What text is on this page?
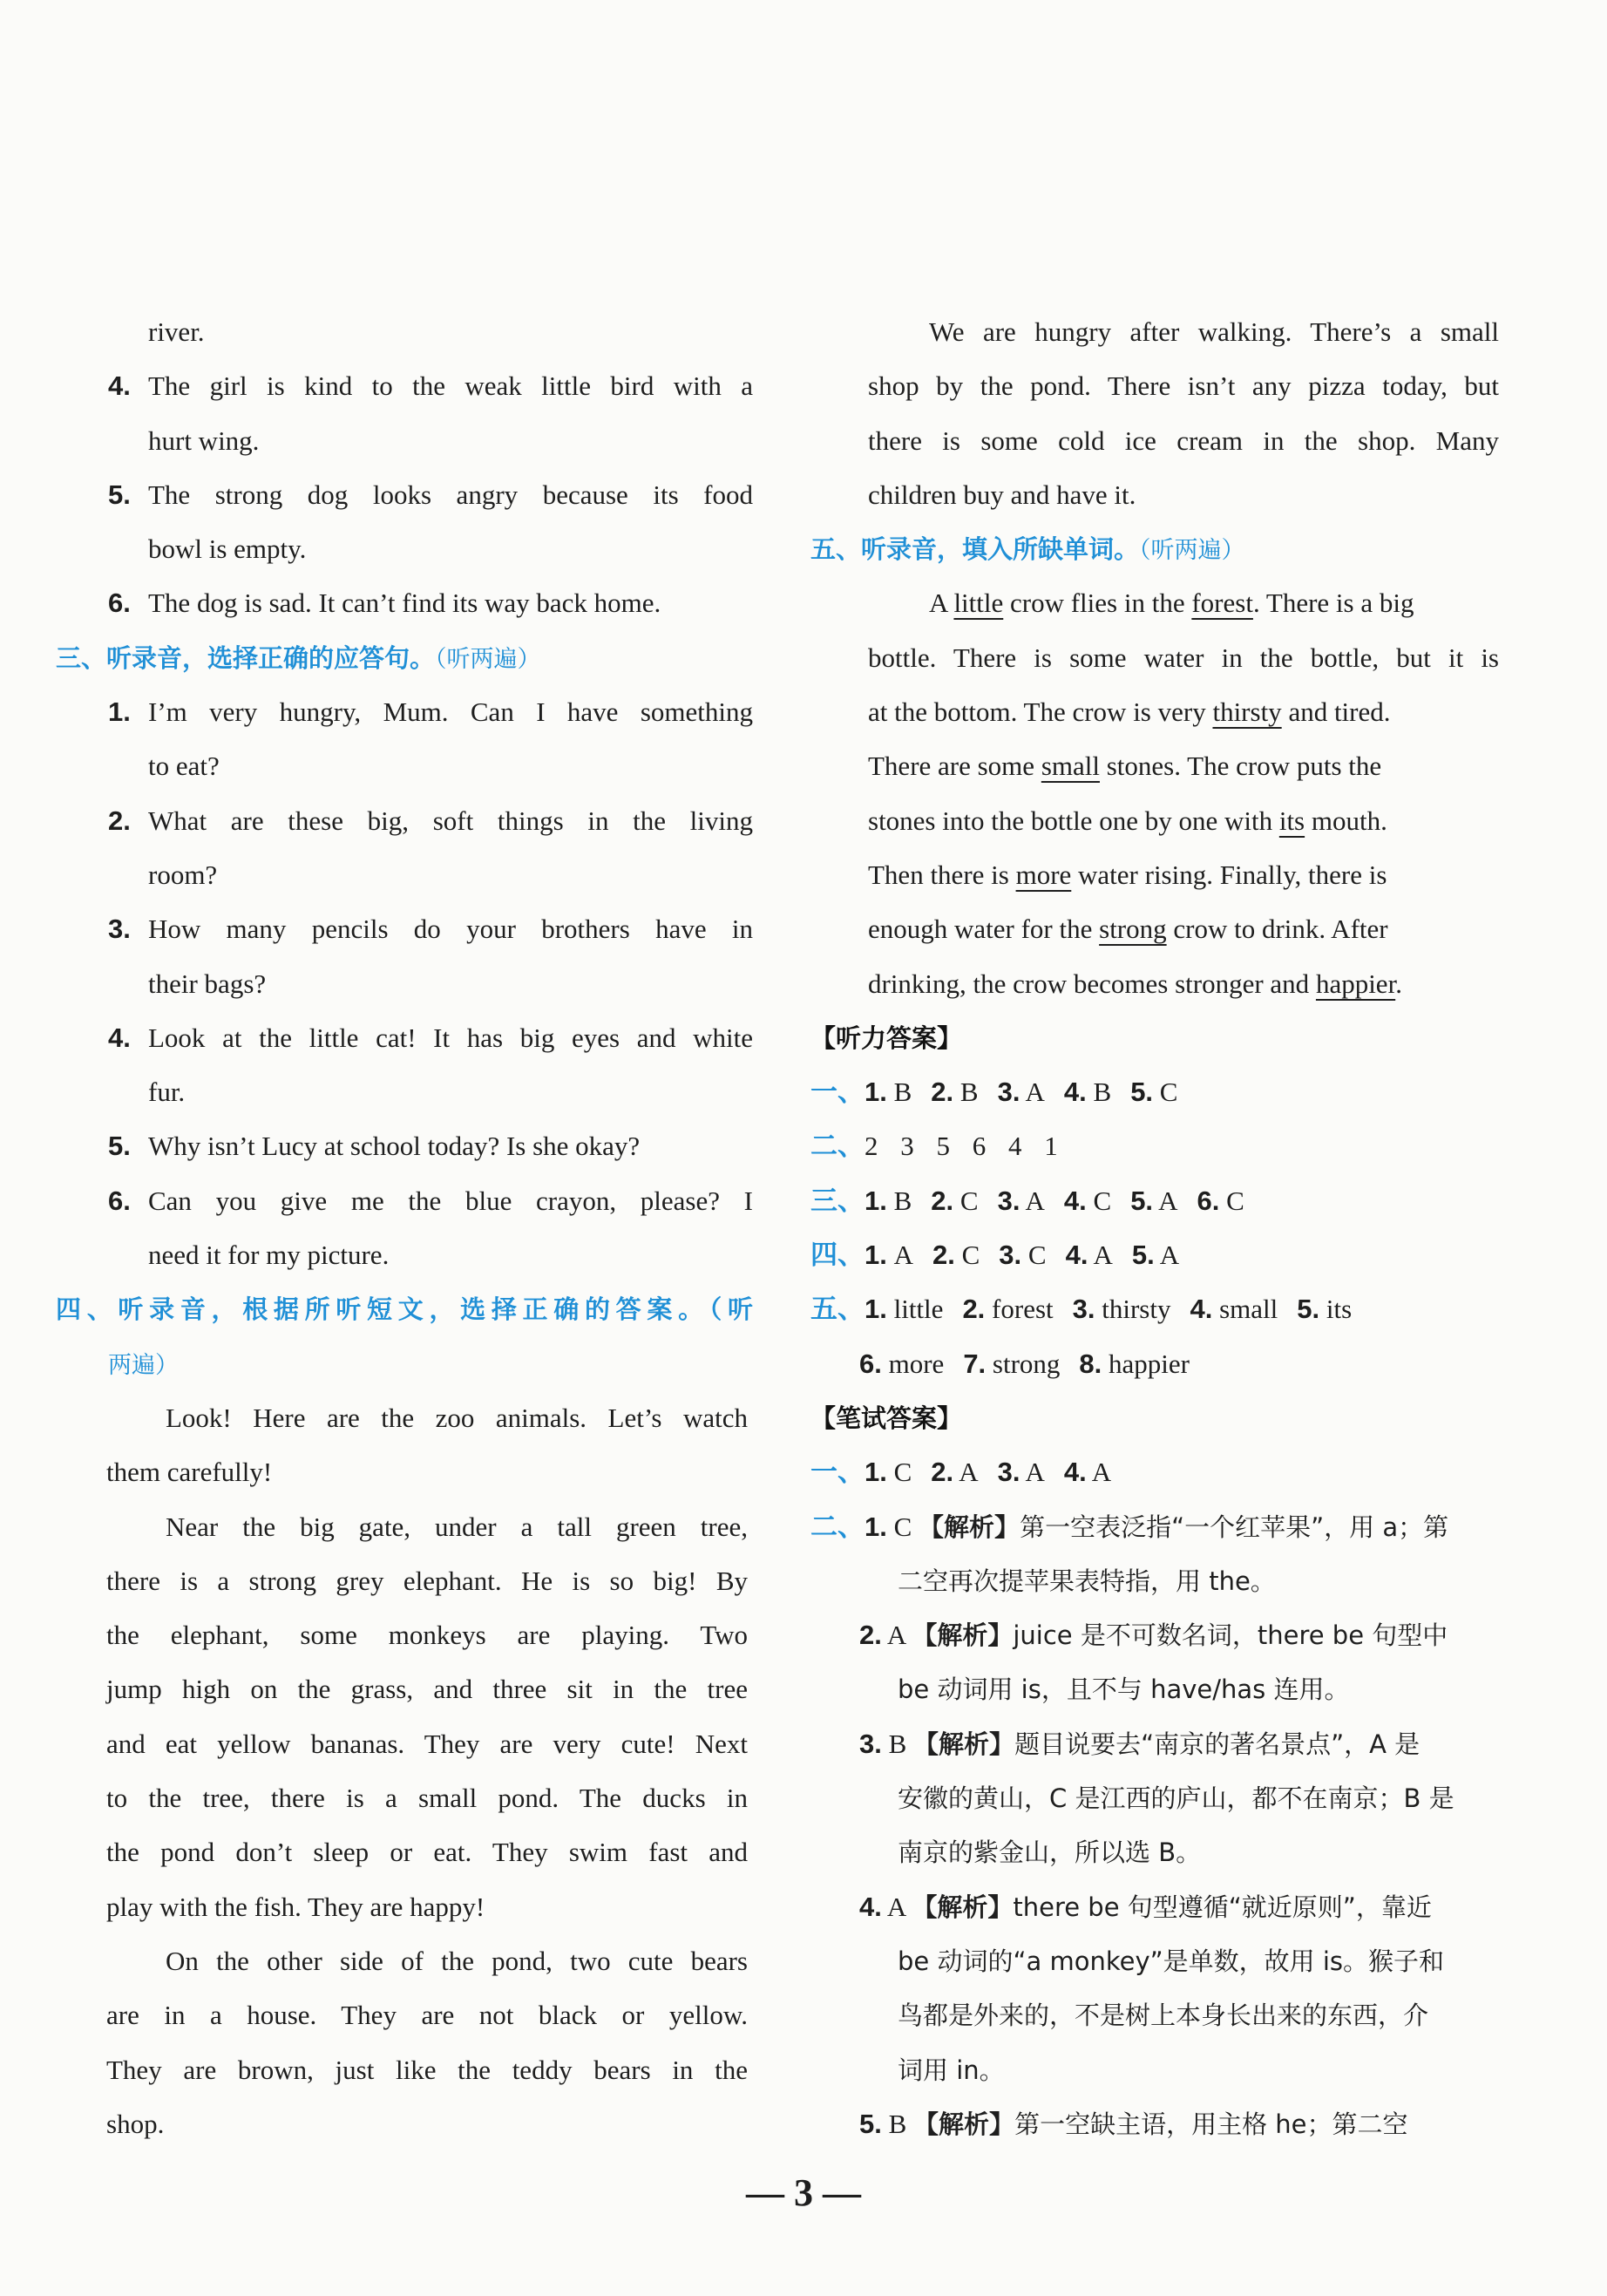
river.
4. The girl is kind to the weak little bird with a
hurt wing.
5. The strong dog looks angry because its food
bowl is empty.
6. The dog is sad. It can’t find its way back home.
三、听录音，选择正确的应答句。（听两遍）
1. I’m very hungry, Mum. Can I have something
to eat?
2. What are these big, soft things in the living
room?
3. How many pencils do your brothers have in
their bags?
4. Look at the little cat! It has big eyes and white
fur.
5. Why isn’t Lucy at school today? Is she okay?
6. Can you give me the blue crayon, please? I
need it for my picture.
四、听录音，根据所听短文，选择正确的答案。（听
两遍）
Look! Here are the zoo animals. Let’s watch
them carefully!
Near the big gate, under a tall green tree,
there is a strong grey elephant. He is so big! By
the elephant, some monkeys are playing. Two
jump high on the grass, and three sit in the tree
and eat yellow bananas. They are very cute! Next
to the tree, there is a small pond. The ducks in
the pond don’t sleep or eat. They swim fast and
play with the fish. They are happy!
On the other side of the pond, two cute bears
are in a house. They are not black or yellow.
They are brown, just like the teddy bears in the
shop.
We are hungry after walking. There’s a small
shop by the pond. There isn’t any pizza today, but
there is some cold ice cream in the shop. Many
children buy and have it.
五、听录音，填入所缺单词。（听两遍）
A little crow flies in the forest. There is a big
bottle. There is some water in the bottle, but it is
at the bottom. The crow is very thirsty and tired.
There are some small stones. The crow puts the
stones into the bottle one by one with its mouth.
Then there is more water rising. Finally, there is
enough water for the strong crow to drink. After
drinking, the crow becomes stronger and happier.
【听力答案】
一、1. B 2. B 3. A 4. B 5. C
二、2 3 5 6 4 1
三、1. B 2. C 3. A 4. C 5. A 6. C
四、1. A 2. C 3. C 4. A 5. A
五、1. little 2. forest 3. thirsty 4. small 5. its
6. more 7. strong 8. happier
【笔试答案】
一、1. C 2. A 3. A 4. A
二、1. C 【解析】第一空表泛指“一个红苹果”，用 a；第
二空再次提苹果表特指，用 the。
2. A 【解析】juice 是不可数名词，there be 句型中
be 动词用 is，且不与 have/has 连用。
3. B 【解析】题目说要去“南京的著名景点”，A 是
安徽的黄山，C 是江西的庐山，都不在南京；B 是
南京的紫金山，所以选 B。
4. A 【解析】there be 句型遵循“就近原则”，靠近
be 动词的“a monkey”是单数，故用 is。猴子和
鸟都是外来的，不是树上本身长出来的东西，介
词用 in。
5. B 【解析】第一空缺主语，用主格 he；第二空
— 3 —
